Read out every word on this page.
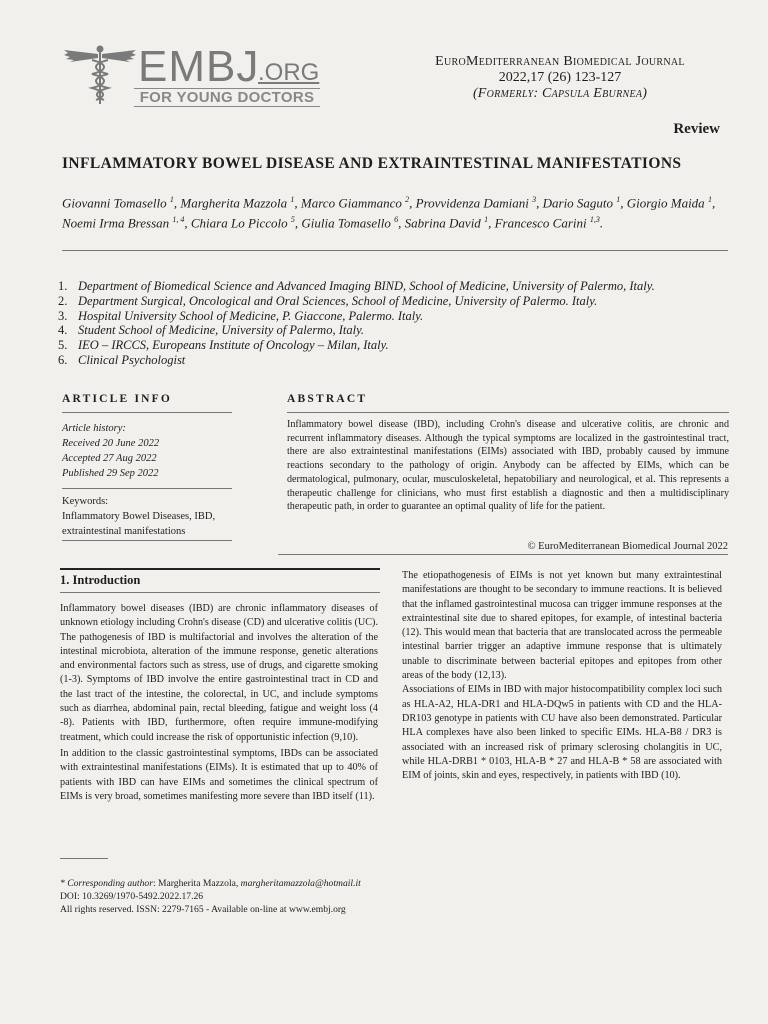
EMBJ
.ORG
FOR YOUNG DOCTORS
EuroMediterranean Biomedical Journal
2022,17 (26) 123-127
(Formerly: Capsula Eburnea)
Review
INFLAMMATORY BOWEL DISEASE AND EXTRAINTESTINAL MANIFESTATIONS
Giovanni Tomasello $^1$, Margherita Mazzola $^1$, Marco Giammanco $^2$, Provvidenza Damiani $^3$, Dario Saguto $^1$, Giorgio Maida $^1$, Noemi Irma Bressan $^{1, 4}$, Chiara Lo Piccolo $^5$, Giulia Tomasello $^6$, Sabrina David $^1$, Francesco Carini $^{1,3}$.
1. Department of Biomedical Science and Advanced Imaging BIND, School of Medicine, University of Palermo, Italy.
2. Department Surgical, Oncological and Oral Sciences, School of Medicine, University of Palermo. Italy.
3. Hospital University School of Medicine, P. Giaccone, Palermo. Italy.
4. Student School of Medicine, University of Palermo, Italy.
5. IEO – IRCCS, Europeans Institute of Oncology – Milan, Italy.
6. Clinical Psychologist
ARTICLE INFO
Article history:
Received 20 June 2022
Accepted 27 Aug 2022
Published 29 Sep 2022
Keywords:
Inflammatory Bowel Diseases, IBD, extraintestinal manifestations
ABSTRACT
Inflammatory bowel disease (IBD), including Crohn's disease and ulcerative colitis, are chronic and recurrent inflammatory diseases. Although the typical symptoms are localized in the gastrointestinal tract, there are also extraintestinal manifestations (EIMs) associated with IBD, probably caused by immune reactions secondary to the pathology of origin. Anybody can be affected by EIMs, which can be dermatological, pulmonary, ocular, musculoskeletal, hepatobiliary and neurological, et al. This represents a therapeutic challenge for clinicians, who must first establish a diagnostic and then a multidisciplinary therapeutic path, in order to guarantee an optimal quality of life for the patient.
© EuroMediterranean Biomedical Journal 2022
1. Introduction

Inflammatory bowel diseases (IBD) are chronic inflammatory diseases of unknown etiology including Crohn's disease (CD) and ulcerative colitis (UC). The pathogenesis of IBD is multifactorial and involves the alteration of the intestinal microbiota, alteration of the immune response, genetic alterations and environmental factors such as stress, use of drugs, and cigarette smoking (1-3). Symptoms of IBD involve the entire gastrointestinal tract in CD and the last tract of the intestine, the colorectal, in UC, and include symptoms such as diarrhea, abdominal pain, rectal bleeding, fatigue and weight loss (4 -8). Patients with IBD, furthermore, often require immune-modifying treatment, which could increase the risk of opportunistic infection (9,10).

In addition to the classic gastrointestinal symptoms, IBDs can be associated with extraintestinal manifestations (EIMs). It is estimated that up to 40% of patients with IBD can have EIMs and sometimes the clinical spectrum of EIMs is very broad, sometimes manifesting more severe than IBD itself (11).

The etiopathogenesis of EIMs is not yet known but many extraintestinal manifestations are thought to be secondary to immune reactions. It is believed that the inflamed gastrointestinal mucosa can trigger immune responses at the extraintestinal site due to shared epitopes, for example, of intestinal bacteria (12). This would mean that bacteria that are translocated across the permeable intestinal barrier trigger an adaptive immune response that is ultimately unable to discriminate between bacterial epitopes and epitopes from other areas of the body (12,13).

Associations of EIMs in IBD with major histocompatibility complex loci such as HLA-A2, HLA-DR1 and HLA-DQw5 in patients with CD and the HLA-DR103 genotype in patients with CU have also been demonstrated. Particular HLA complexes have also been linked to specific EIMs. HLA-B8 / DR3 is associated with an increased risk of primary sclerosing cholangitis in UC, while HLA-DRB1 * 0103, HLA-B * 27 and HLA-B * 58 are associated with EIM of joints, skin and eyes, respectively, in patients with IBD (10).

* Corresponding author: Margherita Mazzola, margheritamazzola@hotmail.it
DOI: 10.3269/1970-5492.2022.17.26
All rights reserved. ISSN: 2279-7165 - Available on-line at www.embj.org
